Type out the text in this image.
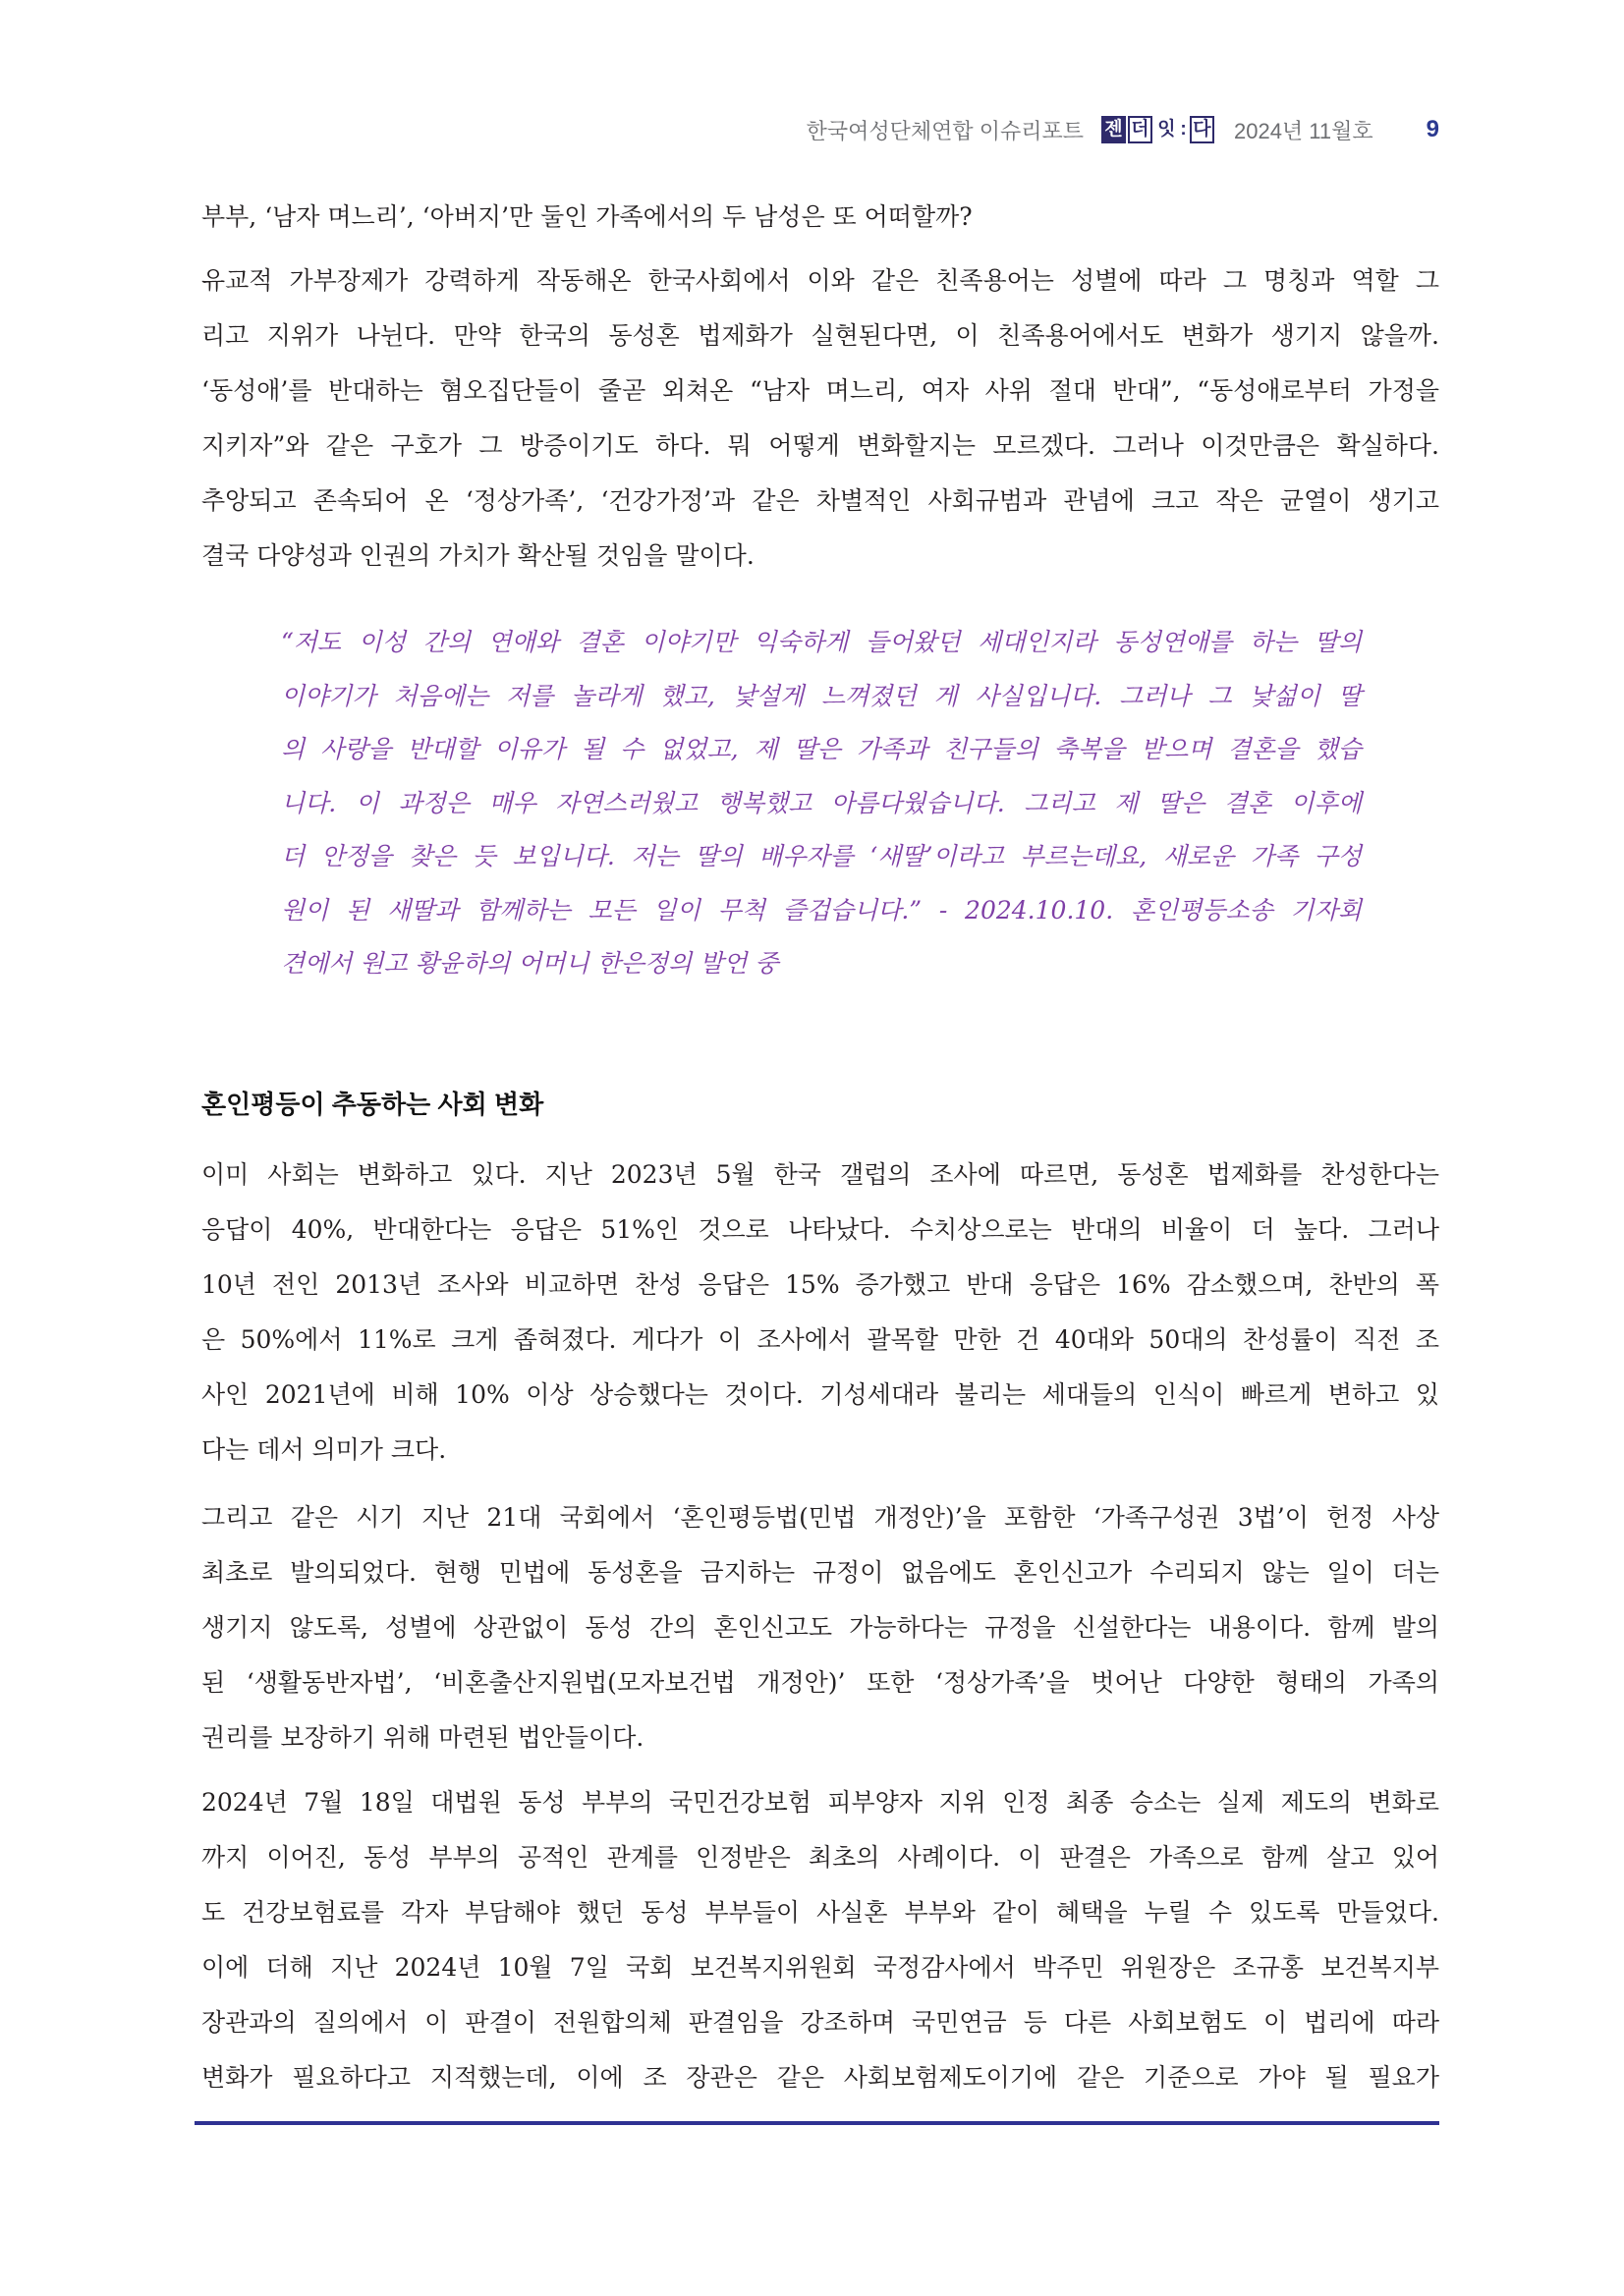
한국여성단체연합 이슈리포트 젠 더 잇 : 다 2024년 11월호 9
부부, ‘남자 며느리’, ‘아버지’만 둘인 가족에서의 두 남성은 또 어떠할까?
유교적 가부장제가 강력하게 작동해온 한국사회에서 이와 같은 친족용어는 성별에 따라 그 명칭과 역할 그
리고 지위가 나뉜다. 만약 한국의 동성혼 법제화가 실현된다면, 이 친족용어에서도 변화가 생기지 않을까.
‘동성애’를 반대하는 혐오집단들이 줄곧 외쳐온 “남자 며느리, 여자 사위 절대 반대”, “동성애로부터 가정을
지키자”와 같은 구호가 그 방증이기도 하다. 뭐 어떻게 변화할지는 모르겠다. 그러나 이것만큼은 확실하다.
추앙되고 존속되어 온 ‘정상가족’, ‘건강가정’과 같은 차별적인 사회규범과 관념에 크고 작은 균열이 생기고
결국 다양성과 인권의 가치가 확산될 것임을 말이다.
“저도 이성 간의 연애와 결혼 이야기만 익숙하게 들어왔던 세대인지라 동성연애를 하는 딸의
이야기가 처음에는 저를 놀라게 했고, 낯설게 느껴졌던 게 사실입니다. 그러나 그 낯섦이 딸
의 사랑을 반대할 이유가 될 수 없었고, 제 딸은 가족과 친구들의 축복을 받으며 결혼을 했습
니다. 이 과정은 매우 자연스러웠고 행복했고 아름다웠습니다. 그리고 제 딸은 결혼 이후에
더 안정을 찾은 듯 보입니다. 저는 딸의 배우자를 ‘새딸’이라고 부르는데요, 새로운 가족 구성
원이 된 새딸과 함께하는 모든 일이 무척 즐겁습니다.” - 2024.10.10. 혼인평등소송 기자회
견에서 원고 황윤하의 어머니 한은정의 발언 중
혼인평등이 추동하는 사회 변화
이미 사회는 변화하고 있다. 지난 2023년 5월 한국 갤럽의 조사에 따르면, 동성혼 법제화를 찬성한다는
응답이 40%, 반대한다는 응답은 51%인 것으로 나타났다. 수치상으로는 반대의 비율이 더 높다. 그러나
10년 전인 2013년 조사와 비교하면 찬성 응답은 15% 증가했고 반대 응답은 16% 감소했으며, 찬반의 폭
은 50%에서 11%로 크게 좁혀졌다. 게다가 이 조사에서 괄목할 만한 건 40대와 50대의 찬성률이 직전 조
사인 2021년에 비해 10% 이상 상승했다는 것이다. 기성세대라 불리는 세대들의 인식이 빠르게 변하고 있
다는 데서 의미가 크다.
그리고 같은 시기 지난 21대 국회에서 ‘혼인평등법(민법 개정안)’을 포함한 ‘가족구성권 3법’이 헌정 사상
최초로 발의되었다. 현행 민법에 동성혼을 금지하는 규정이 없음에도 혼인신고가 수리되지 않는 일이 더는
생기지 않도록, 성별에 상관없이 동성 간의 혼인신고도 가능하다는 규정을 신설한다는 내용이다. 함께 발의
된 ‘생활동반자법’, ‘비혼출산지원법(모자보건법 개정안)’ 또한 ‘정상가족’을 벗어난 다양한 형태의 가족의
권리를 보장하기 위해 마련된 법안들이다.
2024년 7월 18일 대법원 동성 부부의 국민건강보험 피부양자 지위 인정 최종 승소는 실제 제도의 변화로
까지 이어진, 동성 부부의 공적인 관계를 인정받은 최초의 사례이다. 이 판결은 가족으로 함께 살고 있어
도 건강보험료를 각자 부담해야 했던 동성 부부들이 사실혼 부부와 같이 혜택을 누릴 수 있도록 만들었다.
이에 더해 지난 2024년 10월 7일 국회 보건복지위원회 국정감사에서 박주민 위원장은 조규홍 보건복지부
장관과의 질의에서 이 판결이 전원합의체 판결임을 강조하며 국민연금 등 다른 사회보험도 이 법리에 따라
변화가 필요하다고 지적했는데, 이에 조 장관은 같은 사회보험제도이기에 같은 기준으로 가야 될 필요가
